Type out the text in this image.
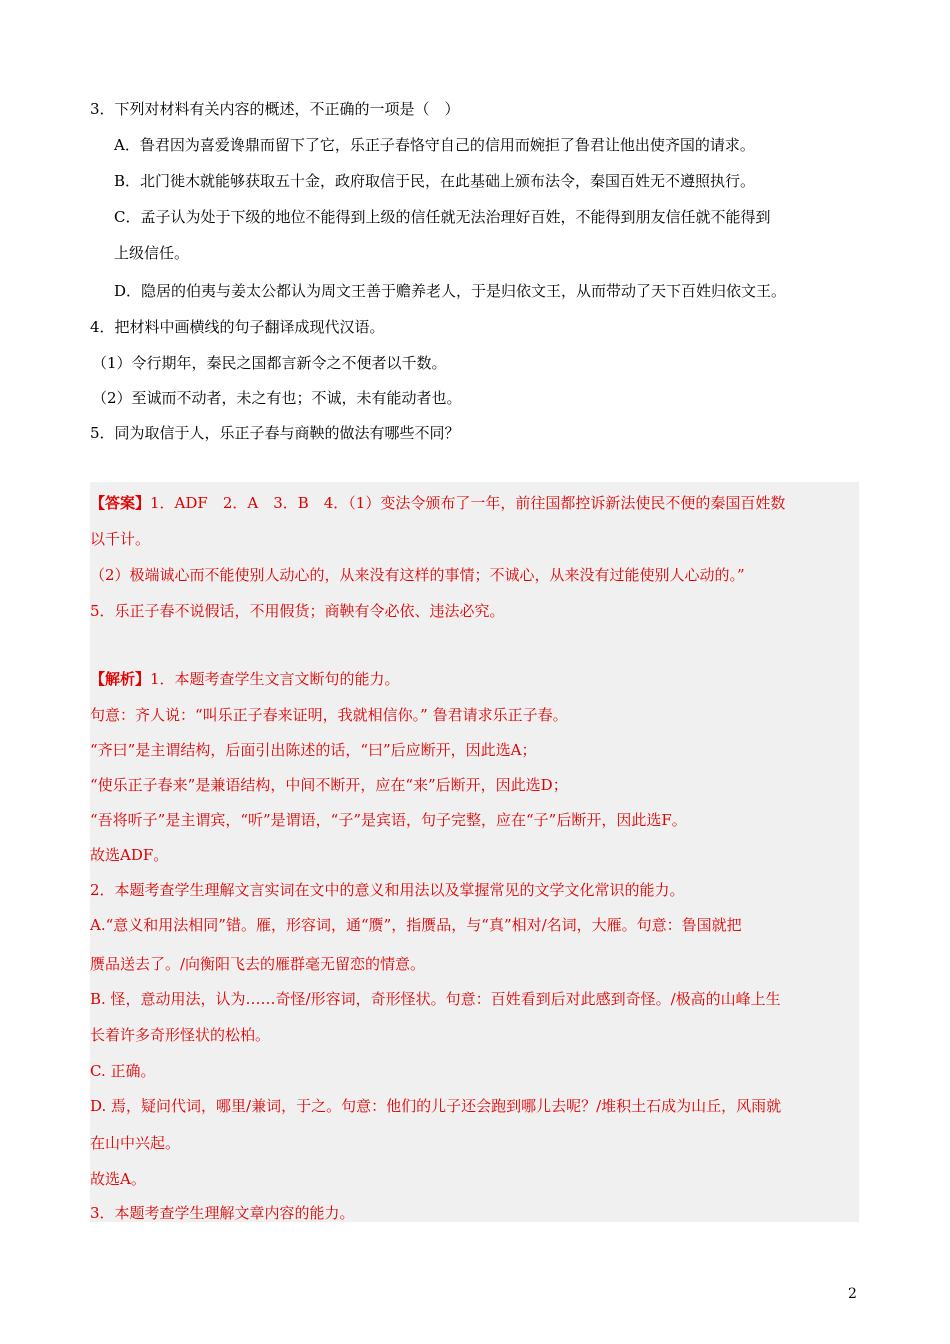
3．下列对材料有关内容的概述，不正确的一项是（　）
A．鲁君因为喜爱谗鼎而留下了它，乐正子春恪守自己的信用而婉拒了鲁君让他出使齐国的请求。
B．北门徙木就能够获取五十金，政府取信于民，在此基础上颁布法令，秦国百姓无不遵照执行。
C．孟子认为处于下级的地位不能得到上级的信任就无法治理好百姓，不能得到朋友信任就不能得到
上级信任。
D．隐居的伯夷与姜太公都认为周文王善于赡养老人，于是归依文王，从而带动了天下百姓归依文王。
4．把材料中画横线的句子翻译成现代汉语。
（1）令行期年，秦民之国都言新令之不便者以千数。
（2）至诚而不动者，未之有也；不诚，未有能动者也。
5．同为取信于人，乐正子春与商鞅的做法有哪些不同？
【答案】1．ADF　2．A　3．B　4．（1）变法令颁布了一年，前往国都控诉新法使民不便的秦国百姓数
以千计。
（2）极端诚心而不能使别人动心的，从来没有这样的事情；不诚心，从来没有过能使别人心动的。”
5．乐正子春不说假话，不用假货；商鞅有令必依、违法必究。
【解析】1．本题考查学生文言文断句的能力。
句意：齐人说：“叫乐正子春来证明，我就相信你。” 鲁君请求乐正子春。
“齐曰”是主谓结构，后面引出陈述的话，“曰”后应断开，因此选A；
“使乐正子春来”是兼语结构，中间不断开，应在“来”后断开，因此选D；
“吾将听子”是主谓宾，“听”是谓语，“子”是宾语，句子完整，应在“子”后断开，因此选F。
故选ADF。
2．本题考查学生理解文言实词在文中的意义和用法以及掌握常见的文学文化常识的能力。
A.“意义和用法相同”错。雁，形容词，通“赝”，指赝品，与“真”相对/名词，大雁。句意：鲁国就把
赝品送去了。/向衡阳飞去的雁群毫无留恋的情意。
B. 怪，意动用法，认为……奇怪/形容词，奇形怪状。句意：百姓看到后对此感到奇怪。/极高的山峰上生
长着许多奇形怪状的松柏。
C. 正确。
D. 焉，疑问代词，哪里/兼词，于之。句意：他们的儿子还会跑到哪儿去呢？/堆积土石成为山丘，风雨就
在山中兴起。
故选A。
3．本题考查学生理解文章内容的能力。
2
